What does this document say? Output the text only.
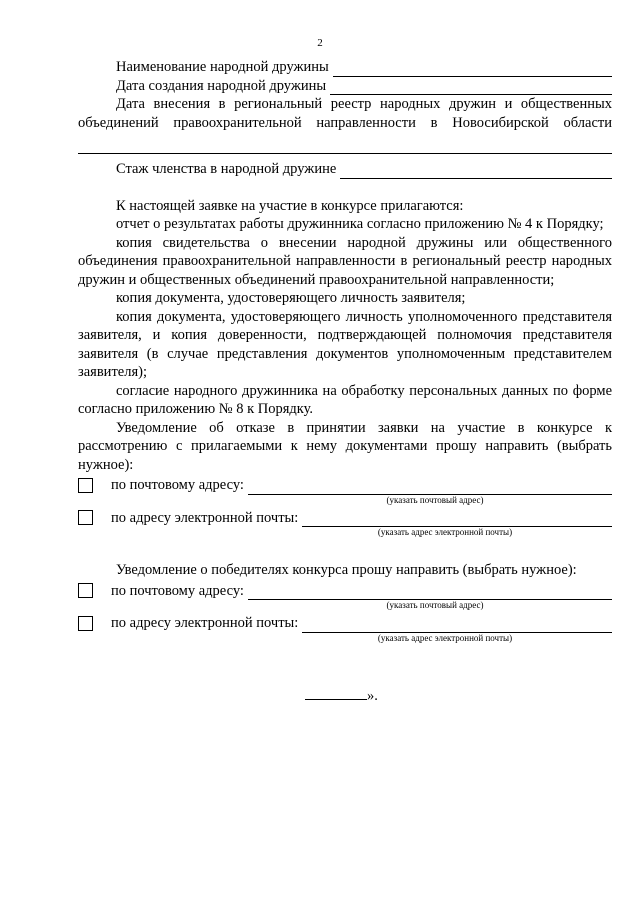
2
Наименование народной дружины
Дата создания народной дружины
Дата внесения в региональный реестр народных дружин и общественных
объединений правоохранительной направленности в Новосибирской области
Стаж членства в народной дружине
К настоящей заявке на участие в конкурсе прилагаются:
отчет о результатах работы дружинника согласно приложению № 4 к Порядку;
копия свидетельства о внесении народной дружины или общественного объединения правоохранительной направленности в региональный реестр народных дружин и общественных объединений правоохранительной направленности;
копия документа, удостоверяющего личность заявителя;
копия документа, удостоверяющего личность уполномоченного представителя заявителя, и копия доверенности, подтверждающей полномочия представителя заявителя (в случае представления документов уполномоченным представителем заявителя);
согласие народного дружинника на обработку персональных данных по форме согласно приложению № 8 к Порядку.
Уведомление об отказе в принятии заявки на участие в конкурсе к рассмотрению с прилагаемыми к нему документами прошу направить (выбрать нужное):
по почтовому адресу:
(указать почтовый адрес)
по адресу электронной почты:
(указать адрес электронной почты)
Уведомление о победителях конкурса прошу направить (выбрать нужное):
по почтовому адресу:
(указать почтовый адрес)
по адресу электронной почты:
(указать адрес электронной почты)
».
